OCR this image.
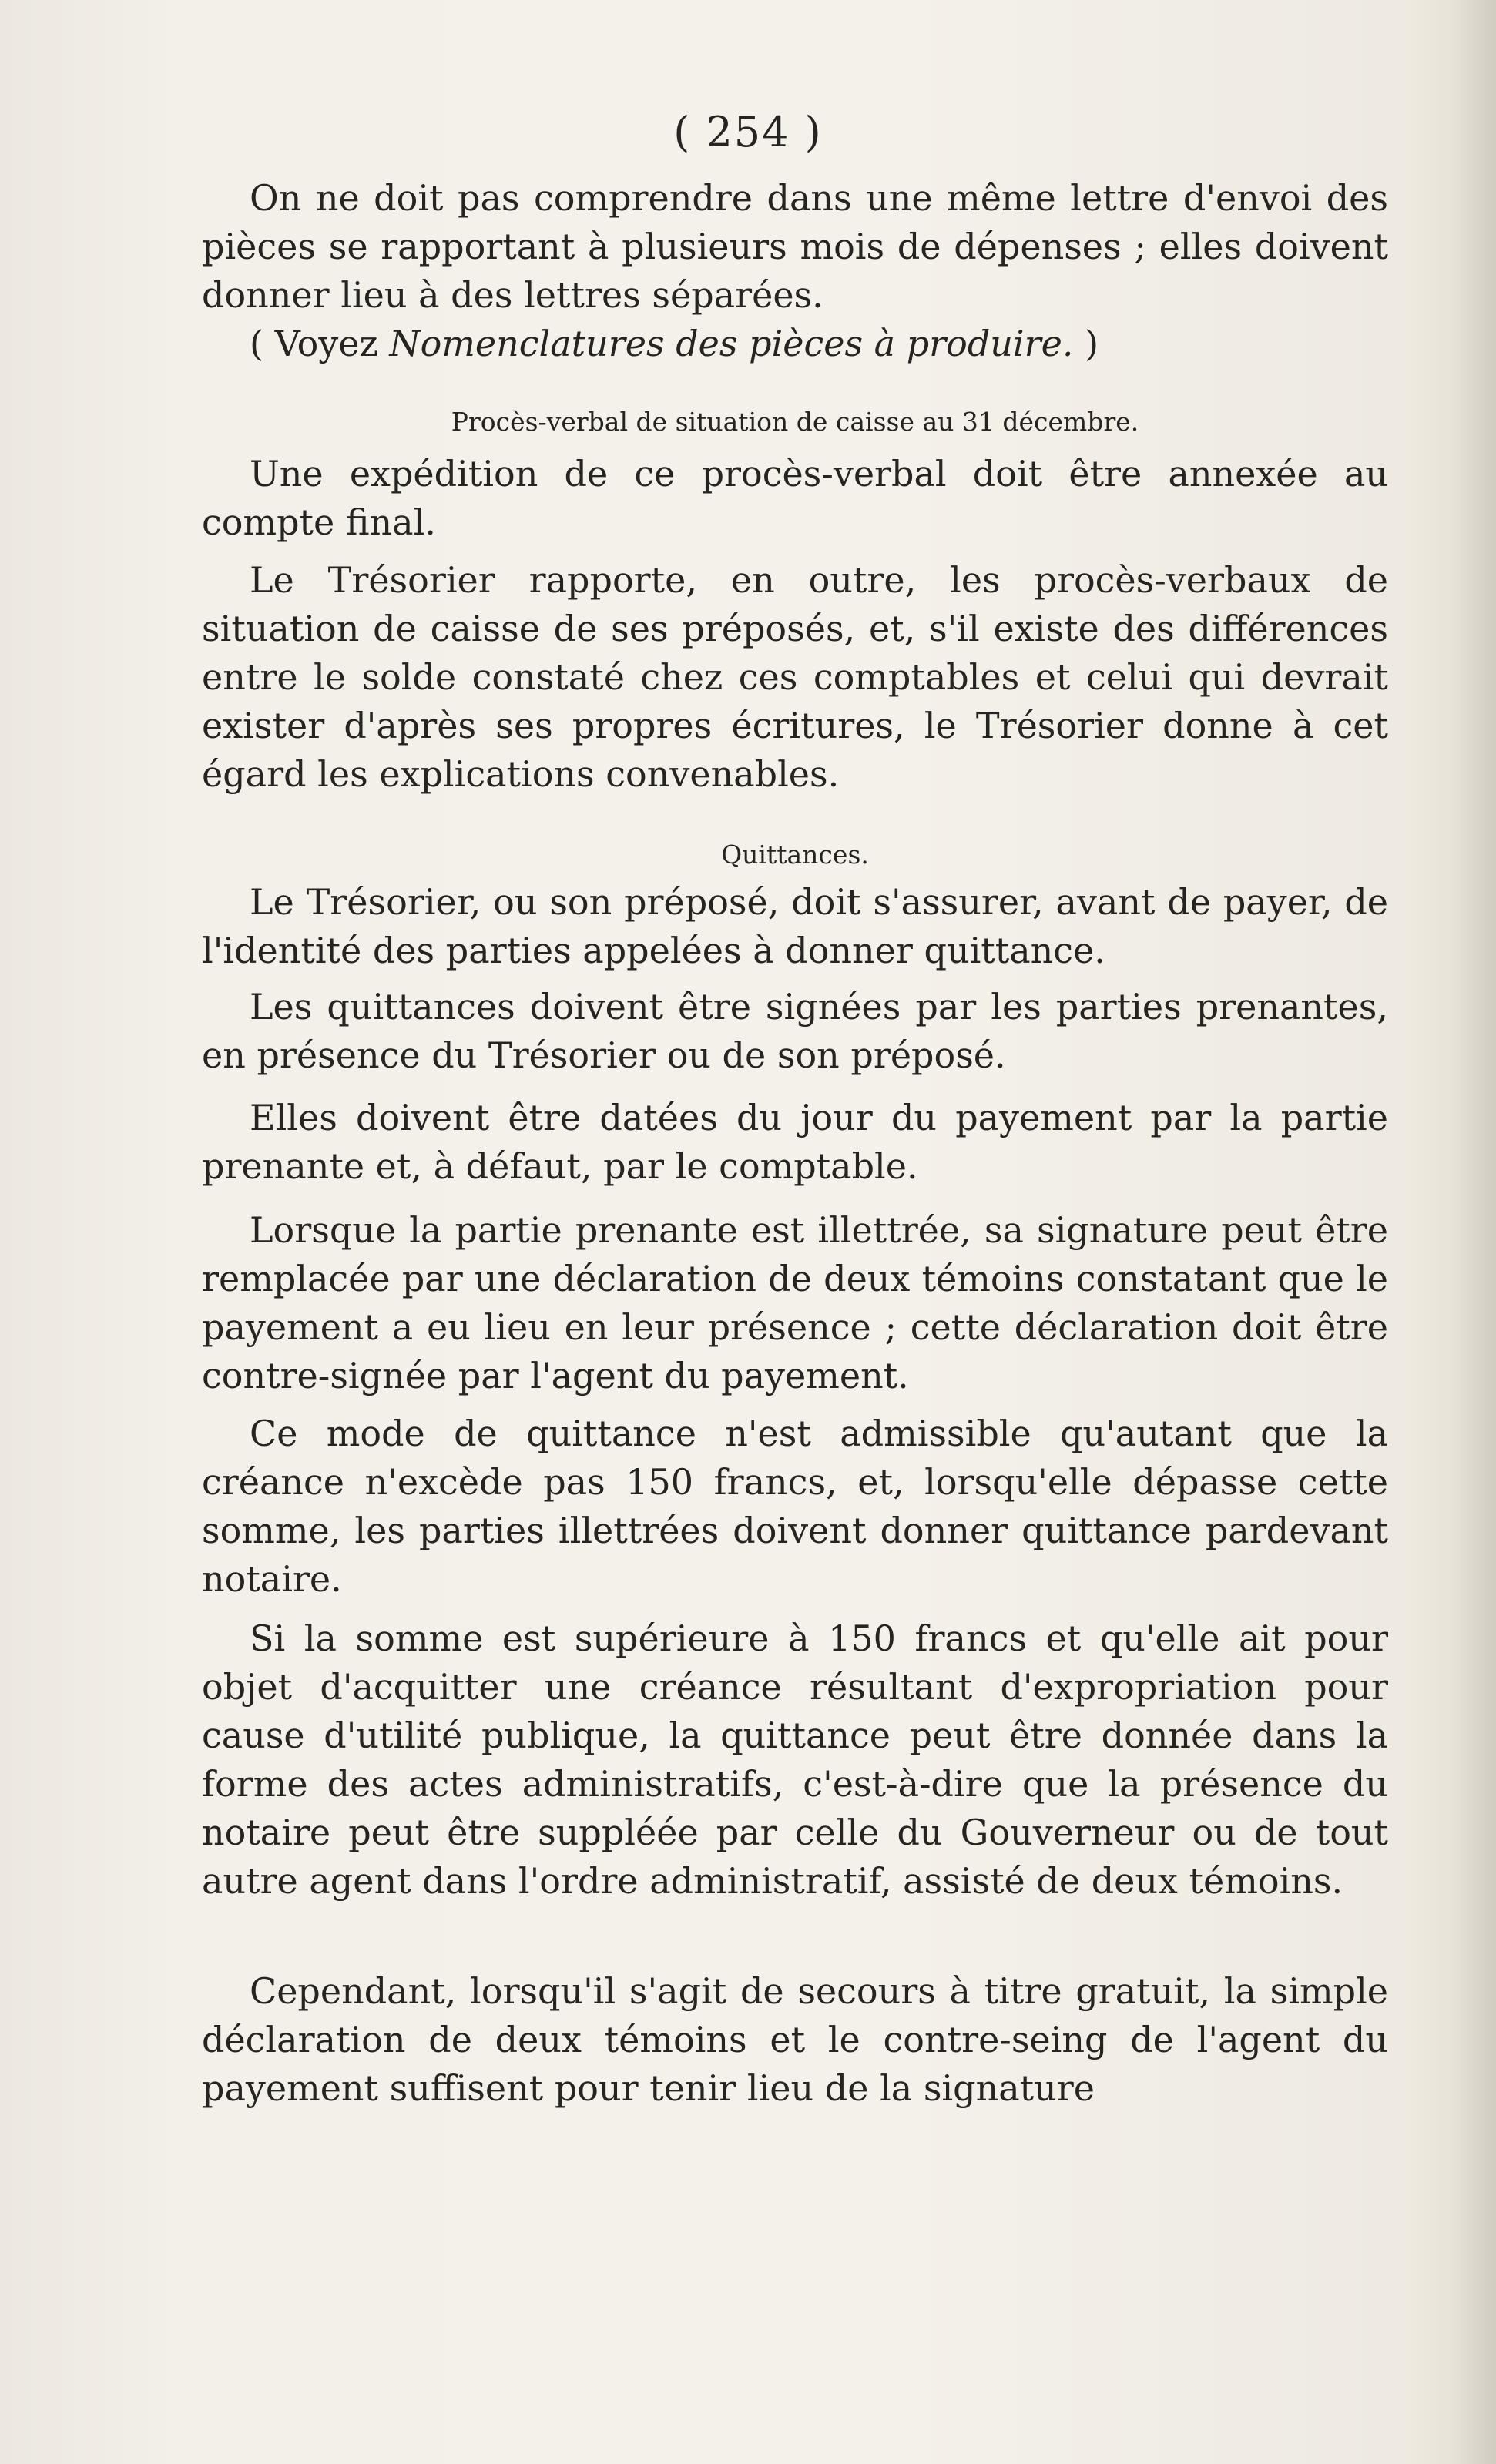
( 254 )

On ne doit pas comprendre dans une même lettre d'envoi des pièces se rapportant à plusieurs mois de dépenses ; elles doivent donner lieu à des lettres séparées.

( Voyez Nomenclatures des pièces à produire. )

Procès-verbal de situation de caisse au 31 décembre.

Une expédition de ce procès-verbal doit être annexée au compte final.

Le Trésorier rapporte, en outre, les procès-verbaux de situation de caisse de ses préposés, et, s'il existe des différences entre le solde constaté chez ces comptables et celui qui devrait exister d'après ses propres écritures, le Trésorier donne à cet égard les explications convenables.

Quittances.

Le Trésorier, ou son préposé, doit s'assurer, avant de payer, de l'identité des parties appelées à donner quittance.

Les quittances doivent être signées par les parties prenantes, en présence du Trésorier ou de son préposé.

Elles doivent être datées du jour du payement par la partie prenante et, à défaut, par le comptable.

Lorsque la partie prenante est illettrée, sa signature peut être remplacée par une déclaration de deux témoins constatant que le payement a eu lieu en leur présence ; cette déclaration doit être contre-signée par l'agent du payement.

Ce mode de quittance n'est admissible qu'autant que la créance n'excède pas 150 francs, et, lorsqu'elle dépasse cette somme, les parties illettrées doivent donner quittance pardevant notaire.

Si la somme est supérieure à 150 francs et qu'elle ait pour objet d'acquitter une créance résultant d'expropriation pour cause d'utilité publique, la quittance peut être donnée dans la forme des actes administratifs, c'est-à-dire que la présence du notaire peut être suppléée par celle du Gouverneur ou de tout autre agent dans l'ordre administratif, assisté de deux témoins.

Cependant, lorsqu'il s'agit de secours à titre gratuit, la simple déclaration de deux témoins et le contre-seing de l'agent du payement suffisent pour tenir lieu de la signature
